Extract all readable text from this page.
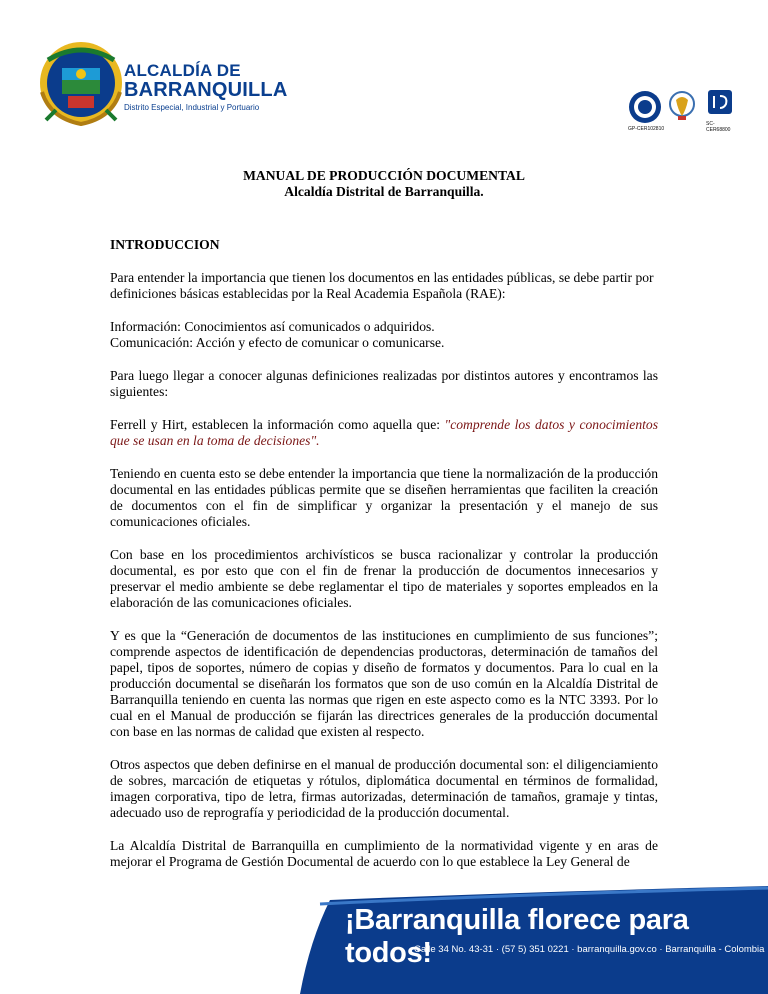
ALCALDÍA DE
BARRANQUILLA
Distrito Especial, Industrial y Portuario
GP-CER102810
SC-CER68800
MANUAL DE PRODUCCIÓN DOCUMENTAL
Alcaldía Distrital de Barranquilla.
INTRODUCCION

Para entender la importancia que tienen los documentos en las entidades públicas, se debe partir por definiciones básicas establecidas por la Real Academia Española (RAE):

Información: Conocimientos así comunicados o adquiridos.

Comunicación: Acción y efecto de comunicar o comunicarse.

Para luego llegar a conocer algunas definiciones realizadas por distintos autores y encontramos las siguientes:

Ferrell y Hirt, establecen la información como aquella que: "comprende los datos y conocimientos que se usan en la toma de decisiones".

Teniendo en cuenta esto se debe entender la importancia que tiene la normalización de la producción documental en las entidades públicas permite que se diseñen herramientas que faciliten la creación de documentos con el fin de simplificar y organizar la presentación y el manejo de sus comunicaciones oficiales.

Con base en los procedimientos archivísticos se busca racionalizar y controlar la producción documental, es por esto que con el fin de frenar la producción de documentos innecesarios y preservar el medio ambiente se debe reglamentar el tipo de materiales y soportes empleados en la elaboración de las comunicaciones oficiales.

Y es que la “Generación de documentos de las instituciones en cumplimiento de sus funciones”; comprende aspectos de identificación de dependencias productoras, determinación de tamaños del papel, tipos de soportes, número de copias y diseño de formatos y documentos. Para lo cual en la producción documental se diseñarán los formatos que son de uso común en la Alcaldía Distrital de Barranquilla teniendo en cuenta las normas que rigen en este aspecto como es la NTC 3393. Por lo cual en el Manual de producción se fijarán las directrices generales de la producción documental con base en las normas de calidad que existen al respecto.

Otros aspectos que deben definirse en el manual de producción documental son: el diligenciamiento de sobres, marcación de etiquetas y rótulos, diplomática documental en términos de formalidad, imagen corporativa, tipo de letra, firmas autorizadas, determinación de tamaños, gramaje y tintas, adecuado uso de reprografía y periodicidad de la producción documental.

La Alcaldía Distrital de Barranquilla en cumplimiento de la normatividad vigente y en aras de mejorar el Programa de Gestión Documental de acuerdo con lo que establece la Ley General de

¡Barranquilla florece para todos!
Calle 34 No. 43-31 · (57 5) 351 0221 · barranquilla.gov.co · Barranquilla - Colombia
